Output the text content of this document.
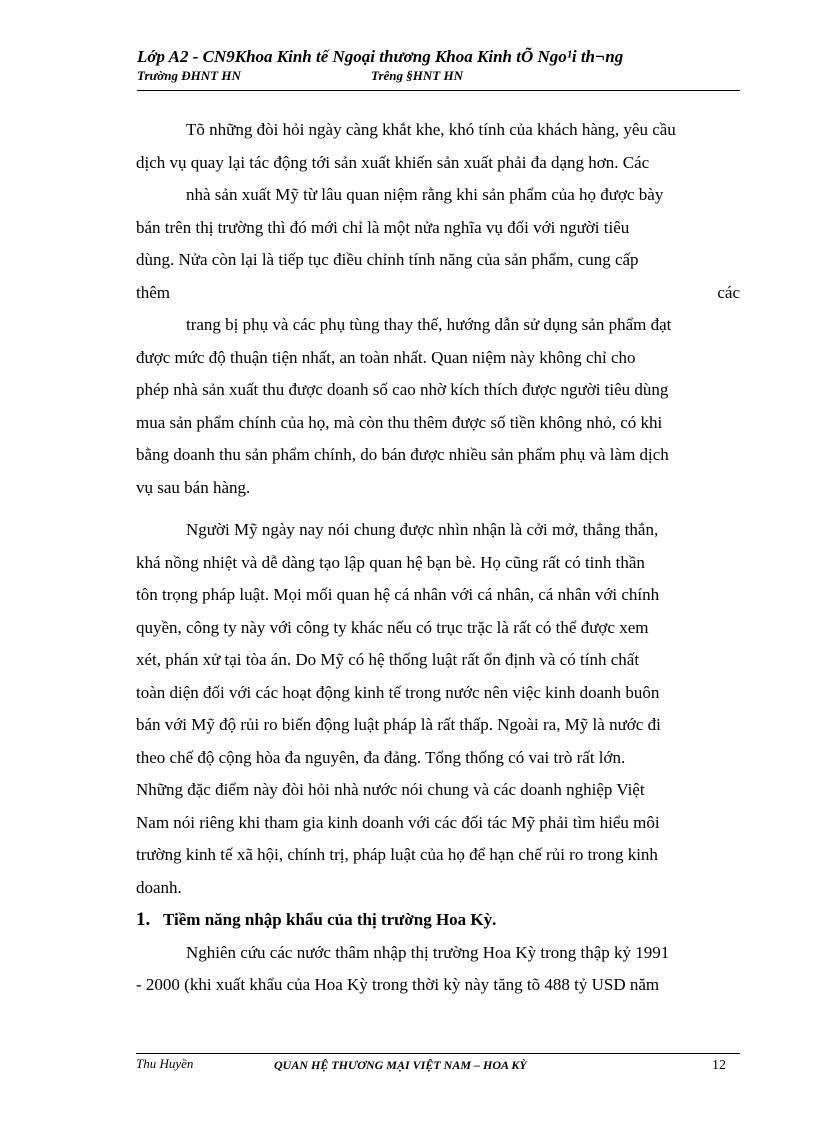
Lớp A2 - CN9Khoa Kinh tế Ngoại thương Khoa Kinh tÕ Ngo¹i th¬ng
Trường ĐHNT HN	Trêng §HNT HN
Tõ những đòi hỏi ngày càng khắt khe, khó tính của khách hàng, yêu cầu
dịch vụ quay lại tác động tới sản xuất khiến sản xuất phải đa dạng hơn. Các
nhà sản xuất Mỹ từ lâu quan niệm rằng khi sản phẩm của họ được bày
bán trên thị trường thì đó mới chỉ là một nửa nghĩa vụ đối với người tiêu
dùng. Nửa còn lại là tiếp tục điều chỉnh tính năng của sản phẩm, cung cấp
thêm	các
trang bị phụ và các phụ tùng thay thế, hướng dẫn sử dụng sản phẩm đạt
được mức độ thuận tiện nhất, an toàn nhất. Quan niệm này không chỉ cho
phép nhà sản xuất thu được doanh số cao nhờ kích thích được người tiêu dùng
mua sản phẩm chính của họ, mà còn thu thêm được số tiền không nhỏ, có khi
bằng doanh thu sản phẩm chính, do bán được nhiều sản phẩm phụ và làm dịch
vụ sau bán hàng.
Người Mỹ ngày nay nói chung được nhìn nhận là cởi mở, thẳng thắn,
khá nồng nhiệt và dễ dàng tạo lập quan hệ bạn bè. Họ cũng rất có tinh thần
tôn trọng pháp luật. Mọi mối quan hệ cá nhân với cá nhân, cá nhân với chính
quyền, công ty này với công ty khác nếu có trục trặc là rất có thể được xem
xét, phán xử tại tòa án. Do Mỹ có hệ thống luật rất ổn định và có tính chất
toàn diện đối với các hoạt động kinh tế trong nước nên việc kinh doanh buôn
bán với Mỹ độ rủi ro biến động luật pháp là rất thấp. Ngoài ra, Mỹ là nước đi
theo chế độ cộng hòa đa nguyên, đa đảng. Tổng thống có vai trò rất lớn.
Những đặc điểm này đòi hỏi nhà nước nói chung và các doanh nghiệp Việt
Nam nói riêng khi tham gia kinh doanh với các đối tác Mỹ phải tìm hiểu môi
trường kinh tế xã hội, chính trị, pháp luật của họ để hạn chế rủi ro trong kinh
doanh.
1. Tiềm năng nhập khẩu của thị trường Hoa Kỳ.
Nghiên cứu các nước thâm nhập thị trường Hoa Kỳ trong thập kỷ 1991
- 2000 (khi xuất khẩu của Hoa Kỳ trong thời kỳ này tăng tõ 488 tỷ USD năm
Thu Huyền	QUAN HỆ THƯƠNG MẠI VIỆT NAM – HOA KỲ	12
